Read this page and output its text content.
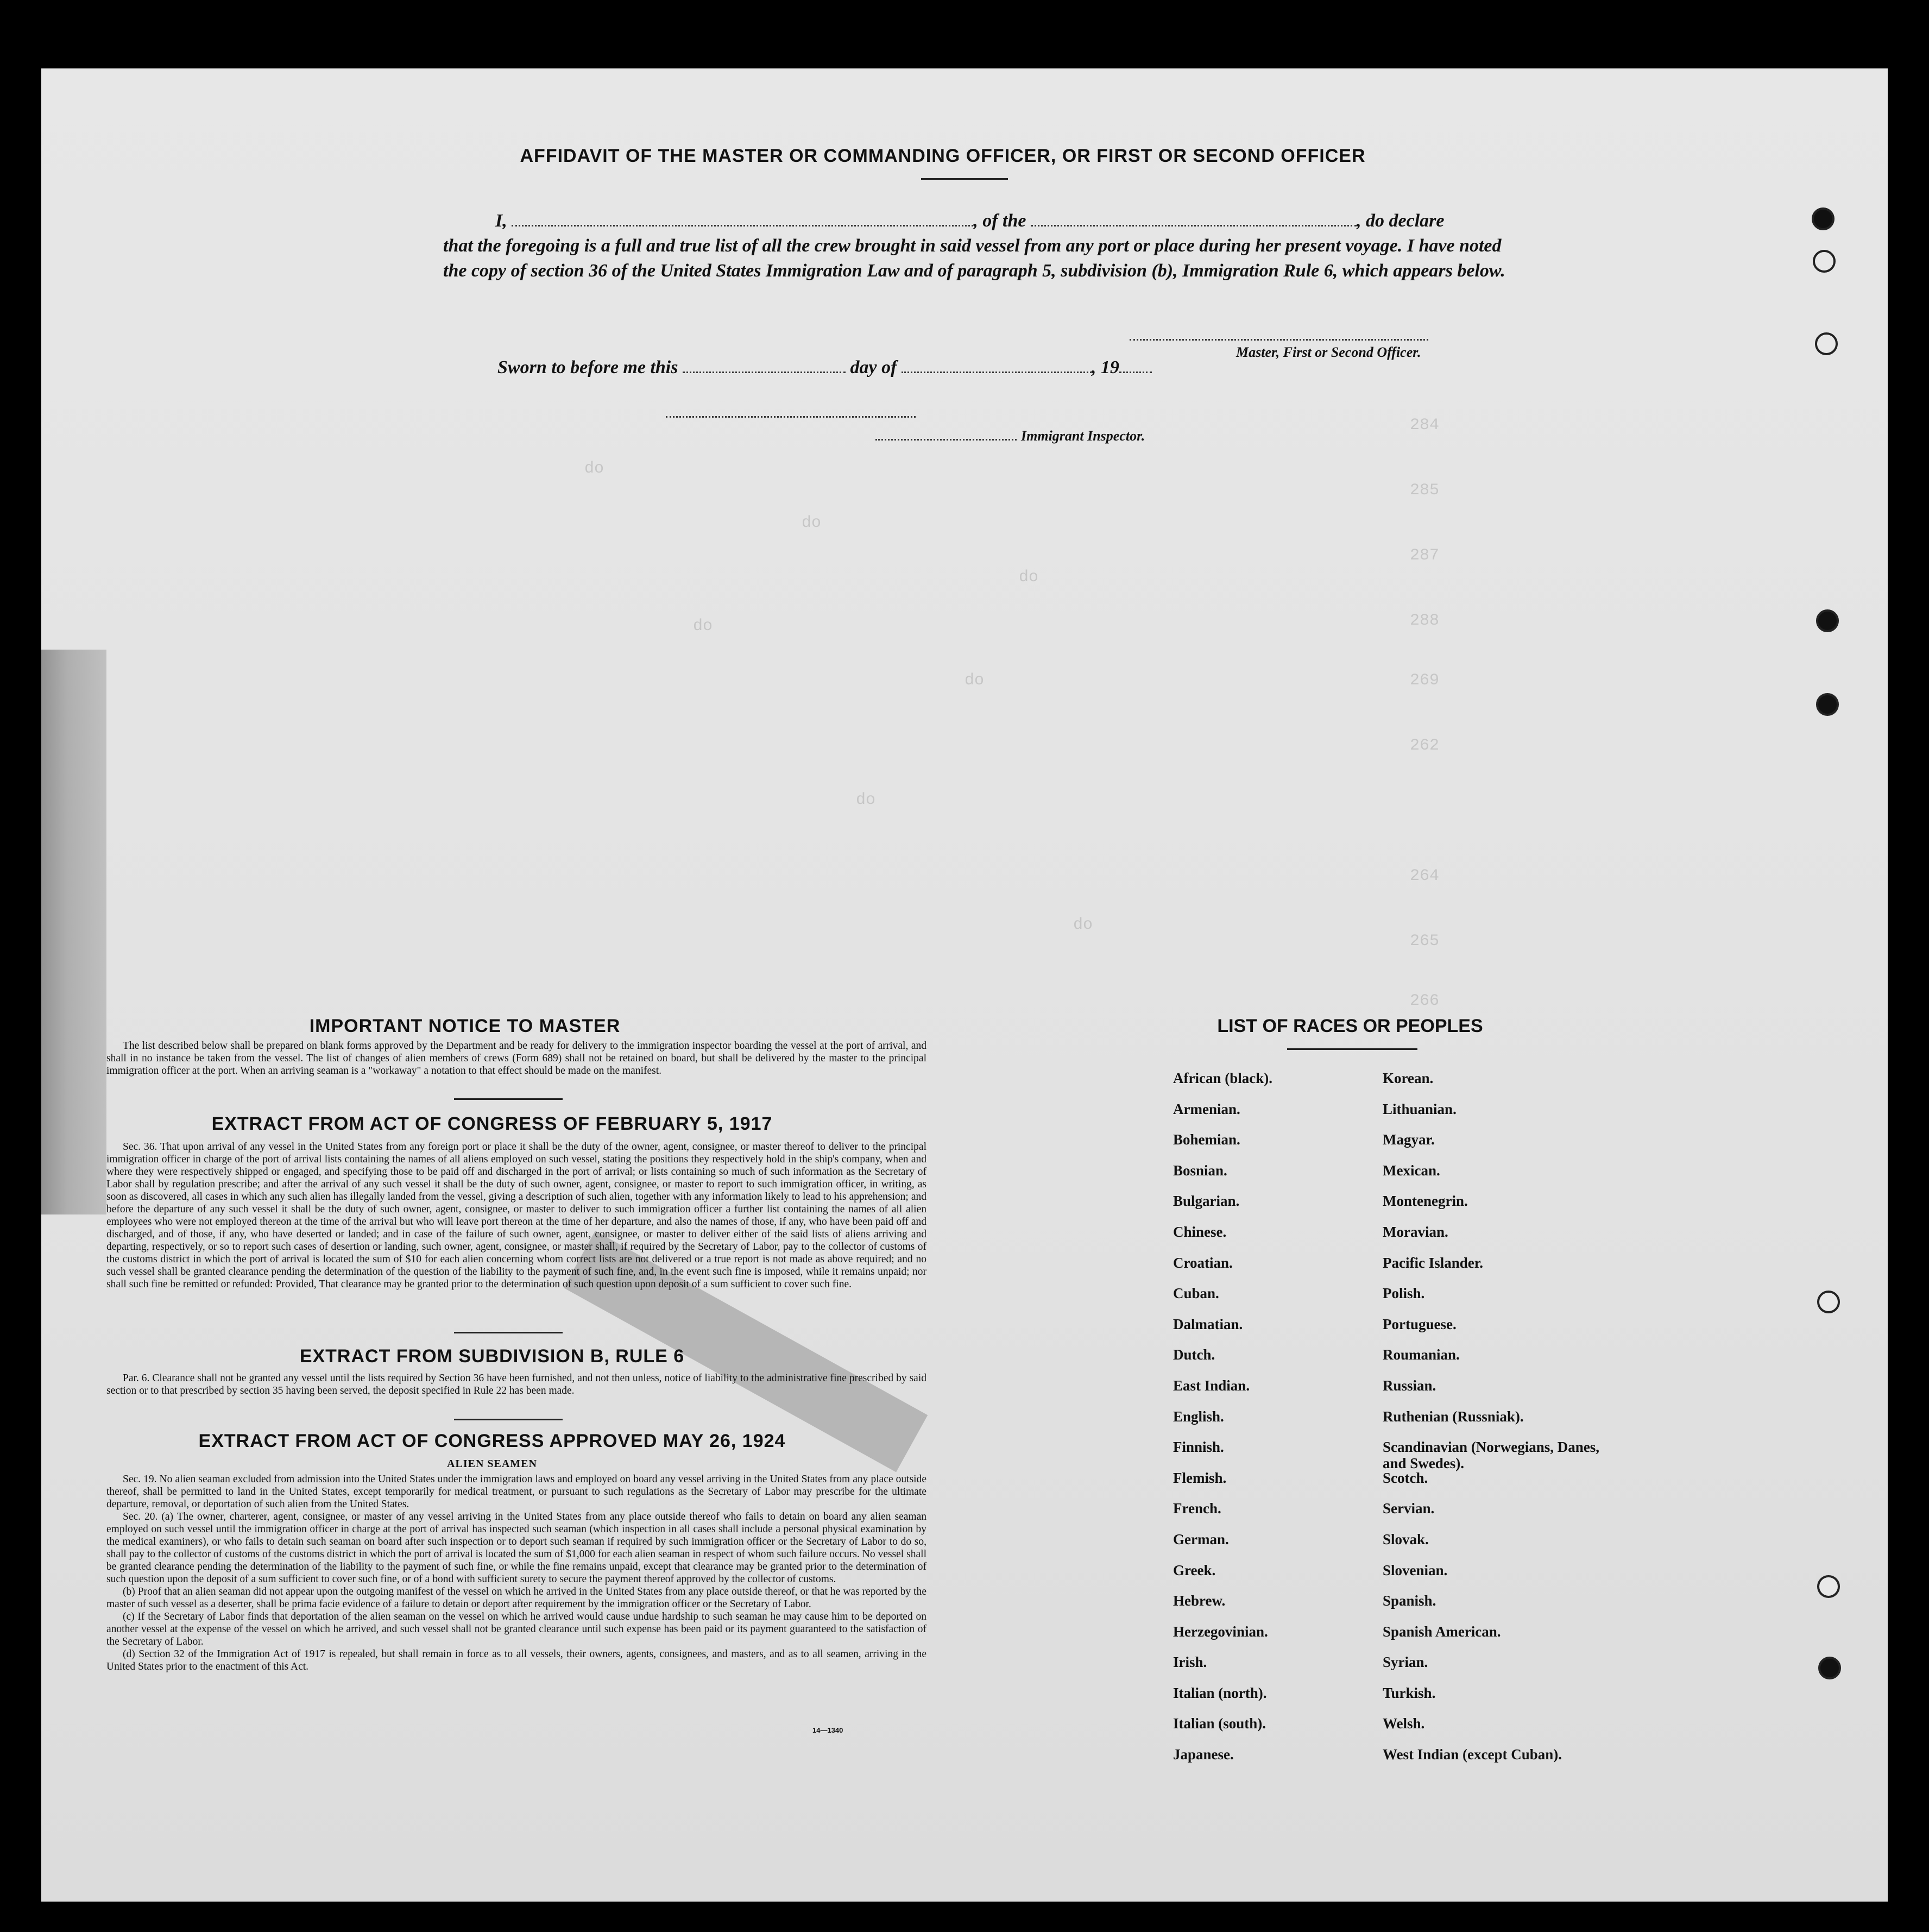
284
285
287
288
269
262
264
265
266
do
do
do
do
do
do
do
AFFIDAVIT OF THE MASTER OR COMMANDING OFFICER, OR FIRST OR SECOND OFFICER
I,	, of the	, do declare
that the foregoing is a full and true list of all the crew brought in said vessel from any port or place during her present voyage. I have noted the copy of section 36 of the United States Immigration Law and of paragraph 5, subdivision (b), Immigration Rule 6, which appears below.
Master, First or Second Officer.
Sworn to before me this	day of	, 19
Immigrant Inspector.
IMPORTANT NOTICE TO MASTER

The list described below shall be prepared on blank forms approved by the Department and be ready for delivery to the immigration inspector boarding the vessel at the port of arrival, and shall in no instance be taken from the vessel. The list of changes of alien members of crews (Form 689) shall not be retained on board, but shall be delivered by the master to the principal immigration officer at the port. When an arriving seaman is a "workaway" a notation to that effect should be made on the manifest.

EXTRACT FROM ACT OF CONGRESS OF FEBRUARY 5, 1917

Sec. 36. That upon arrival of any vessel in the United States from any foreign port or place it shall be the duty of the owner, agent, consignee, or master thereof to deliver to the principal immigration officer in charge of the port of arrival lists containing the names of all aliens employed on such vessel, stating the positions they respectively hold in the ship's company, when and where they were respectively shipped or engaged, and specifying those to be paid off and discharged in the port of arrival; or lists containing so much of such information as the Secretary of Labor shall by regulation prescribe; and after the arrival of any such vessel it shall be the duty of such owner, agent, consignee, or master to report to such immigration officer, in writing, as soon as discovered, all cases in which any such alien has illegally landed from the vessel, giving a description of such alien, together with any information likely to lead to his apprehension; and before the departure of any such vessel it shall be the duty of such owner, agent, consignee, or master to deliver to such immigration officer a further list containing the names of all alien employees who were not employed thereon at the time of the arrival but who will leave port thereon at the time of her departure, and also the names of those, if any, who have been paid off and discharged, and of those, if any, who have deserted or landed; and in case of the failure of such owner, agent, consignee, or master to deliver either of the said lists of aliens arriving and departing, respectively, or so to report such cases of desertion or landing, such owner, agent, consignee, or master shall, if required by the Secretary of Labor, pay to the collector of customs of the customs district in which the port of arrival is located the sum of $10 for each alien concerning whom correct lists are not delivered or a true report is not made as above required; and no such vessel shall be granted clearance pending the determination of the question of the liability to the payment of such fine, and, in the event such fine is imposed, while it remains unpaid; nor shall such fine be remitted or refunded: Provided, That clearance may be granted prior to the determination of such question upon deposit of a sum sufficient to cover such fine.

EXTRACT FROM SUBDIVISION B, RULE 6

Par. 6. Clearance shall not be granted any vessel until the lists required by Section 36 have been furnished, and not then unless, notice of liability to the administrative fine prescribed by said section or to that prescribed by section 35 having been served, the deposit specified in Rule 22 has been made.

EXTRACT FROM ACT OF CONGRESS APPROVED MAY 26, 1924
ALIEN SEAMEN

Sec. 19. No alien seaman excluded from admission into the United States under the immigration laws and employed on board any vessel arriving in the United States from any place outside thereof, shall be permitted to land in the United States, except temporarily for medical treatment, or pursuant to such regulations as the Secretary of Labor may prescribe for the ultimate departure, removal, or deportation of such alien from the United States.

Sec. 20. (a) The owner, charterer, agent, consignee, or master of any vessel arriving in the United States from any place outside thereof who fails to detain on board any alien seaman employed on such vessel until the immigration officer in charge at the port of arrival has inspected such seaman (which inspection in all cases shall include a personal physical examination by the medical examiners), or who fails to detain such seaman on board after such inspection or to deport such seaman if required by such immigration officer or the Secretary of Labor to do so, shall pay to the collector of customs of the customs district in which the port of arrival is located the sum of $1,000 for each alien seaman in respect of whom such failure occurs. No vessel shall be granted clearance pending the determination of the liability to the payment of such fine, or while the fine remains unpaid, except that clearance may be granted prior to the determination of such question upon the deposit of a sum sufficient to cover such fine, or of a bond with sufficient surety to secure the payment thereof approved by the collector of customs.

(b) Proof that an alien seaman did not appear upon the outgoing manifest of the vessel on which he arrived in the United States from any place outside thereof, or that he was reported by the master of such vessel as a deserter, shall be prima facie evidence of a failure to detain or deport after requirement by the immigration officer or the Secretary of Labor.

(c) If the Secretary of Labor finds that deportation of the alien seaman on the vessel on which he arrived would cause undue hardship to such seaman he may cause him to be deported on another vessel at the expense of the vessel on which he arrived, and such vessel shall not be granted clearance until such expense has been paid or its payment guaranteed to the satisfaction of the Secretary of Labor.

(d) Section 32 of the Immigration Act of 1917 is repealed, but shall remain in force as to all vessels, their owners, agents, consignees, and masters, and as to all seamen, arriving in the United States prior to the enactment of this Act.

14—1340
LIST OF RACES OR PEOPLES
African (black).
Armenian.
Bohemian.
Bosnian.
Bulgarian.
Chinese.
Croatian.
Cuban.
Dalmatian.
Dutch.
East Indian.
English.
Finnish.
Flemish.
French.
German.
Greek.
Hebrew.
Herzegovinian.
Irish.
Italian (north).
Italian (south).
Japanese.
Korean.
Lithuanian.
Magyar.
Mexican.
Montenegrin.
Moravian.
Pacific Islander.
Polish.
Portuguese.
Roumanian.
Russian.
Ruthenian (Russniak).
Scandinavian (Norwegians, Danes, and Swedes).
Scotch.
Servian.
Slovak.
Slovenian.
Spanish.
Spanish American.
Syrian.
Turkish.
Welsh.
West Indian (except Cuban).
